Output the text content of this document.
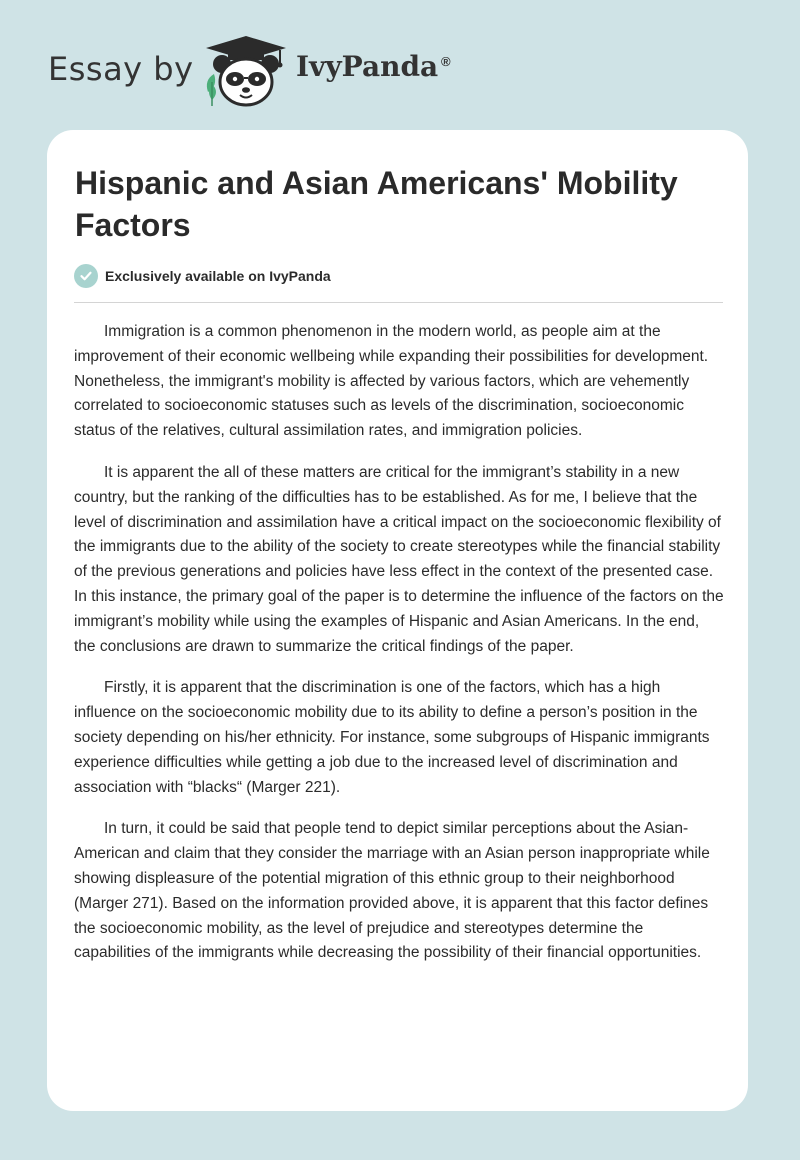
Essay by	IvyPanda ®
Hispanic and Asian Americans' Mobility Factors
Exclusively available on IvyPanda

Immigration is a common phenomenon in the modern world, as people aim at the improvement of their economic wellbeing while expanding their possibilities for development. Nonetheless, the immigrant's mobility is affected by various factors, which are vehemently correlated to socioeconomic statuses such as levels of the discrimination, socioeconomic status of the relatives, cultural assimilation rates, and immigration policies.

It is apparent the all of these matters are critical for the immigrant’s stability in a new country, but the ranking of the difficulties has to be established. As for me, I believe that the level of discrimination and assimilation have a critical impact on the socioeconomic flexibility of the immigrants due to the ability of the society to create stereotypes while the financial stability of the previous generations and policies have less effect in the context of the presented case. In this instance, the primary goal of the paper is to determine the influence of the factors on the immigrant’s mobility while using the examples of Hispanic and Asian Americans. In the end, the conclusions are drawn to summarize the critical findings of the paper.

Firstly, it is apparent that the discrimination is one of the factors, which has a high influence on the socioeconomic mobility due to its ability to define a person’s position in the society depending on his/her ethnicity. For instance, some subgroups of Hispanic immigrants experience difficulties while getting a job due to the increased level of discrimination and association with “blacks“ (Marger 221).

In turn, it could be said that people tend to depict similar perceptions about the Asian-American and claim that they consider the marriage with an Asian person inappropriate while showing displeasure of the potential migration of this ethnic group to their neighborhood (Marger 271). Based on the information provided above, it is apparent that this factor defines the socioeconomic mobility, as the level of prejudice and stereotypes determine the capabilities of the immigrants while decreasing the possibility of their financial opportunities.
